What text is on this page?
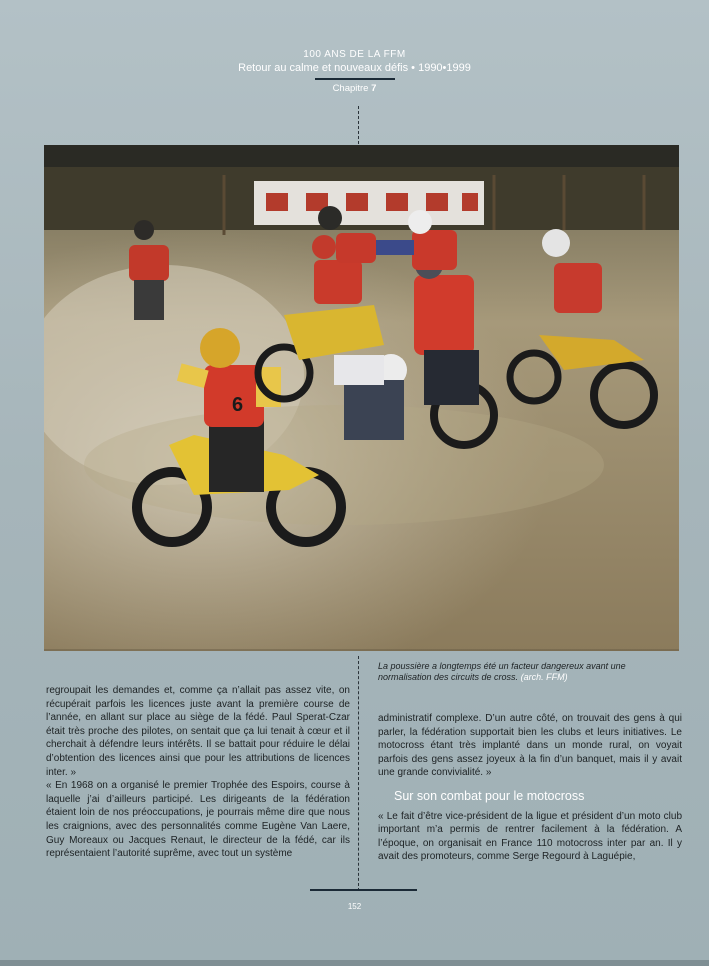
100 ANS DE LA FFM
Retour au calme et nouveaux défis • 1990•1999
Chapitre 7
6
La poussière a longtemps été un facteur dangereux avant une normalisation des circuits de cross. (arch. FFM)

regroupait les demandes et, comme ça n’allait pas assez vite, on récupérait parfois les licences juste avant la première course de l’année, en allant sur place au siège de la fédé. Paul Sperat-Czar était très proche des pilotes, on sentait que ça lui tenait à cœur et il cherchait à défendre leurs intérêts. Il se battait pour réduire le délai d’obtention des licences ainsi que pour les attributions de licences inter. »

« En 1968 on a organisé le premier Trophée des Espoirs, course à laquelle j’ai d’ailleurs participé. Les dirigeants de la fédération étaient loin de nos préoccupations, je pourrais même dire que nous les craignions, avec des personnalités comme Eugène Van Laere, Guy Moreaux ou Jacques Renaut, le directeur de la fédé, car ils représentaient l’autorité suprême, avec tout un système

administratif complexe. D’un autre côté, on trouvait des gens à qui parler, la fédération supportait bien les clubs et leurs initiatives. Le motocross étant très implanté dans un monde rural, on voyait parfois des gens assez joyeux à la fin d’un banquet, mais il y avait une grande convivialité. »

Sur son combat pour le motocross

« Le fait d’être vice-président de la ligue et président d’un moto club important m’a permis de rentrer facilement à la fédération. A l’époque, on organisait en France 110 motocross inter par an. Il y avait des promoteurs, comme Serge Regourd à Laguépie,

152
